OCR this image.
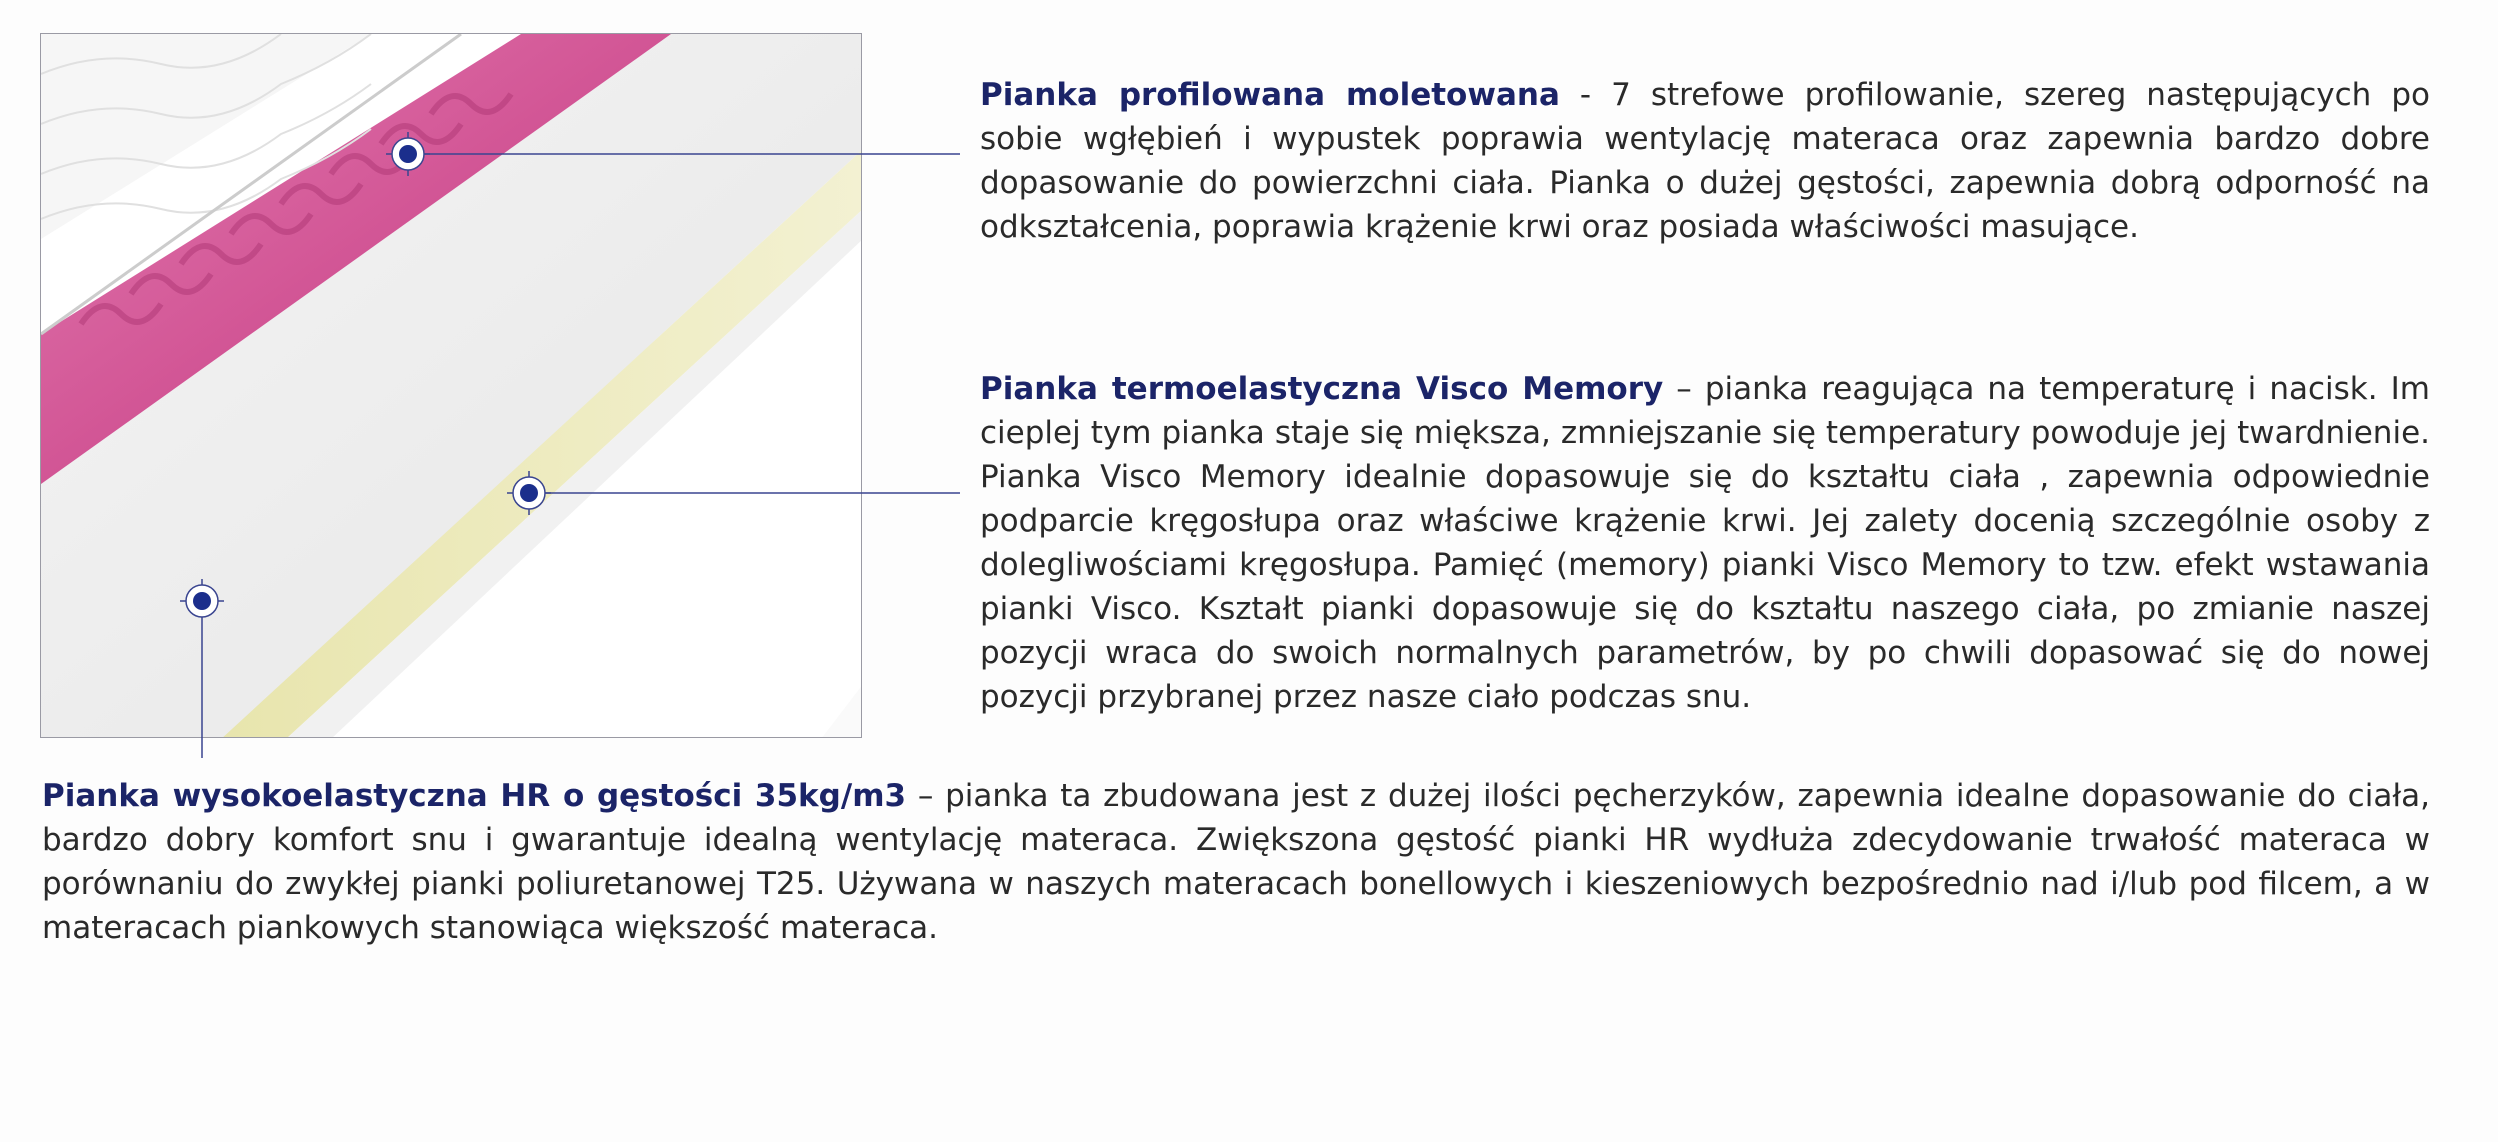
Pianka profilowana moletowana - 7 strefowe profilowanie, szereg następujących po sobie wgłębień i wypustek poprawia wentylację materaca oraz zapewnia bardzo dobre dopasowanie do powierzchni ciała. Pianka o dużej gęstości, zapewnia dobrą odporność na odkształcenia, poprawia krążenie krwi oraz posiada właściwości masujące.

Pianka termoelastyczna Visco Memory – pianka reagująca na temperaturę i nacisk. Im cieplej tym pianka staje się miększa, zmniejszanie się temperatury powoduje jej twardnienie. Pianka Visco Memory idealnie dopasowuje się do kształtu ciała , zapewnia odpowiednie podparcie kręgosłupa oraz właściwe krążenie krwi. Jej zalety docenią szczególnie osoby z dolegliwościami kręgosłupa. Pamięć (memory) pianki Visco Memory to tzw. efekt wstawania pianki Visco. Kształt pianki dopasowuje się do kształtu naszego ciała, po zmianie naszej pozycji wraca do swoich normalnych parametrów, by po chwili dopasować się do nowej pozycji przybranej przez nasze ciało podczas snu.

Pianka wysokoelastyczna HR o gęstości 35kg/m3 – pianka ta zbudowana jest z dużej ilości pęcherzyków, zapewnia idealne dopasowanie do ciała, bardzo dobry komfort snu i gwarantuje idealną wentylację materaca. Zwiększona gęstość pianki HR wydłuża zdecydowanie trwałość materaca w porównaniu do zwykłej pianki poliuretanowej T25. Używana w naszych materacach bonellowych i kieszeniowych bezpośrednio nad i/lub pod filcem, a w materacach piankowych stanowiąca większość materaca.
